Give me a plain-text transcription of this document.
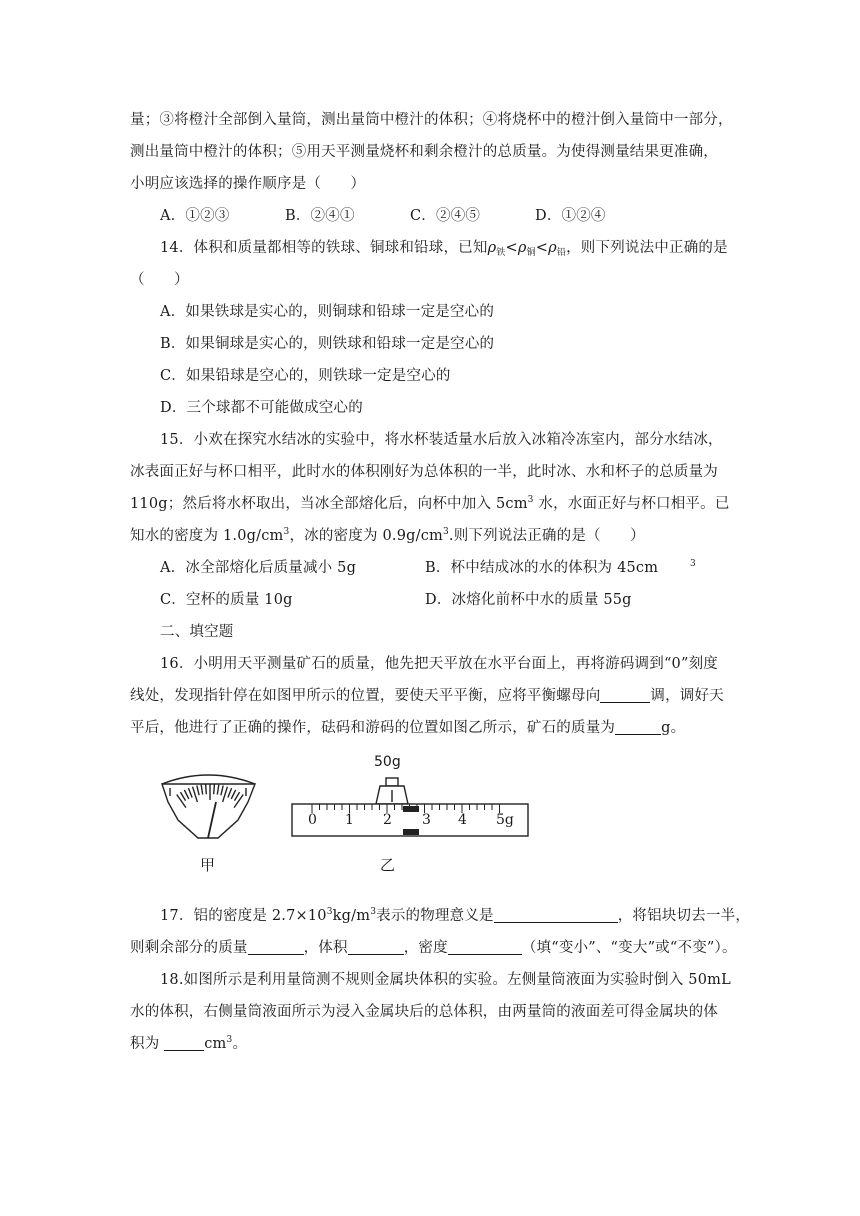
量；③将橙汁全部倒入量筒，测出量筒中橙汁的体积；④将烧杯中的橙汁倒入量筒中一部分，
测出量筒中橙汁的体积；⑤用天平测量烧杯和剩余橙汁的总质量。为使得测量结果更准确，
小明应该选择的操作顺序是（　　）
A．①②③	B．②④①	C．②④⑤	D．①②④
14．体积和质量都相等的铁球、铜球和铅球，已知$\rho_铁<\rho_铜<\rho_铅$，则下列说法中正确的是
（　　）
A．如果铁球是实心的，则铜球和铅球一定是空心的
B．如果铜球是实心的，则铁球和铅球一定是空心的
C．如果铅球是空心的，则铁球一定是空心的
D．三个球都不可能做成空心的
15．小欢在探究水结冰的实验中，将水杯装适量水后放入冰箱冷冻室内，部分水结冰，
冰表面正好与杯口相平，此时水的体积刚好为总体积的一半，此时冰、水和杯子的总质量为
110g；然后将水杯取出，当冰全部熔化后，向杯中加入 $5cm^3$ 水，水面正好与杯口相平。已
知水的密度为 $1.0g/cm^3$，冰的密度为 $0.9g/cm^3$.则下列说法正确的是（　　）
A．冰全部熔化后质量减小 5g	B．杯中结成冰的水的体积为 45cm	$^3$
C．空杯的质量 10g	D．冰熔化前杯中水的质量 55g
二、填空题
16．小明用天平测量矿石的质量，他先把天平放在水平台面上，再将游码调到“0”刻度
线处，发现指针停在如图甲所示的位置，要使天平平衡，应将平衡螺母向	调，调好天
平后，他进行了正确的操作，砝码和游码的位置如图乙所示，矿石的质量为	g。
50g
0 1 2 3 4 5g
甲	乙
17．铝的密度是 $2.7\times 10^3kg/m^3$表示的物理意义是	，将铝块切去一半，
则剩余部分的质量	，体积	，密度	（填“变小”、“变大”或“不变”）。
18.如图所示是利用量筒测不规则金属块体积的实验。左侧量筒液面为实验时倒入 50mL
水的体积，右侧量筒液面所示为浸入金属块后的总体积，由两量筒的液面差可得金属块的体
积为	$cm^3$。
